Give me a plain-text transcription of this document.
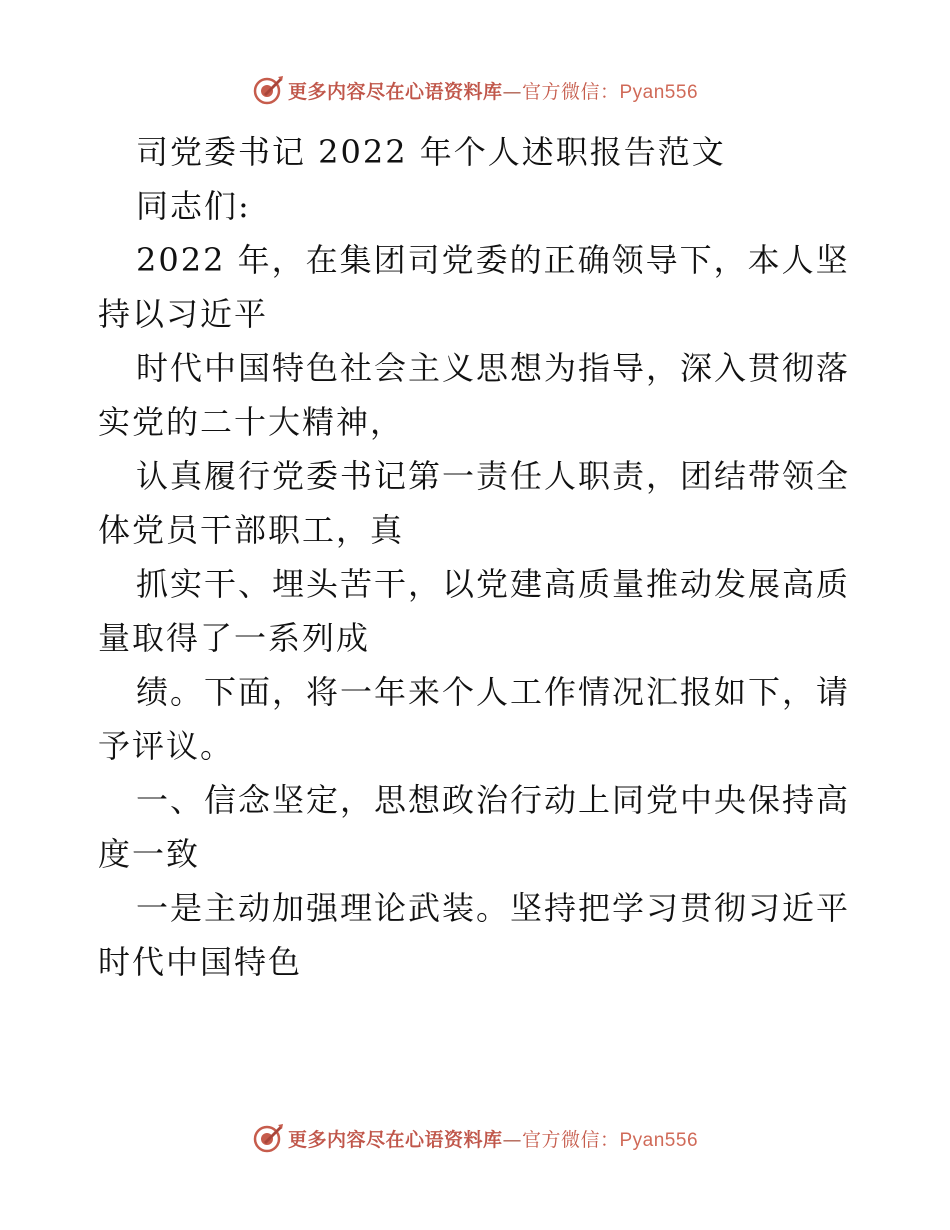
更多内容尽在心语资料库—官方微信：Pyan556
司党委书记 2022 年个人述职报告范文
同志们:
2022 年，在集团司党委的正确领导下，本人坚
持以习近平
时代中国特色社会主义思想为指导，深入贯彻落
实党的二十大精神，
认真履行党委书记第一责任人职责，团结带领全
体党员干部职工，真
抓实干、埋头苦干，以党建高质量推动发展高质
量取得了一系列成
绩。下面，将一年来个人工作情况汇报如下，请
予评议。
一、信念坚定，思想政治行动上同党中央保持高
度一致
一是主动加强理论武装。坚持把学习贯彻习近平
时代中国特色
更多内容尽在心语资料库—官方微信：Pyan556
